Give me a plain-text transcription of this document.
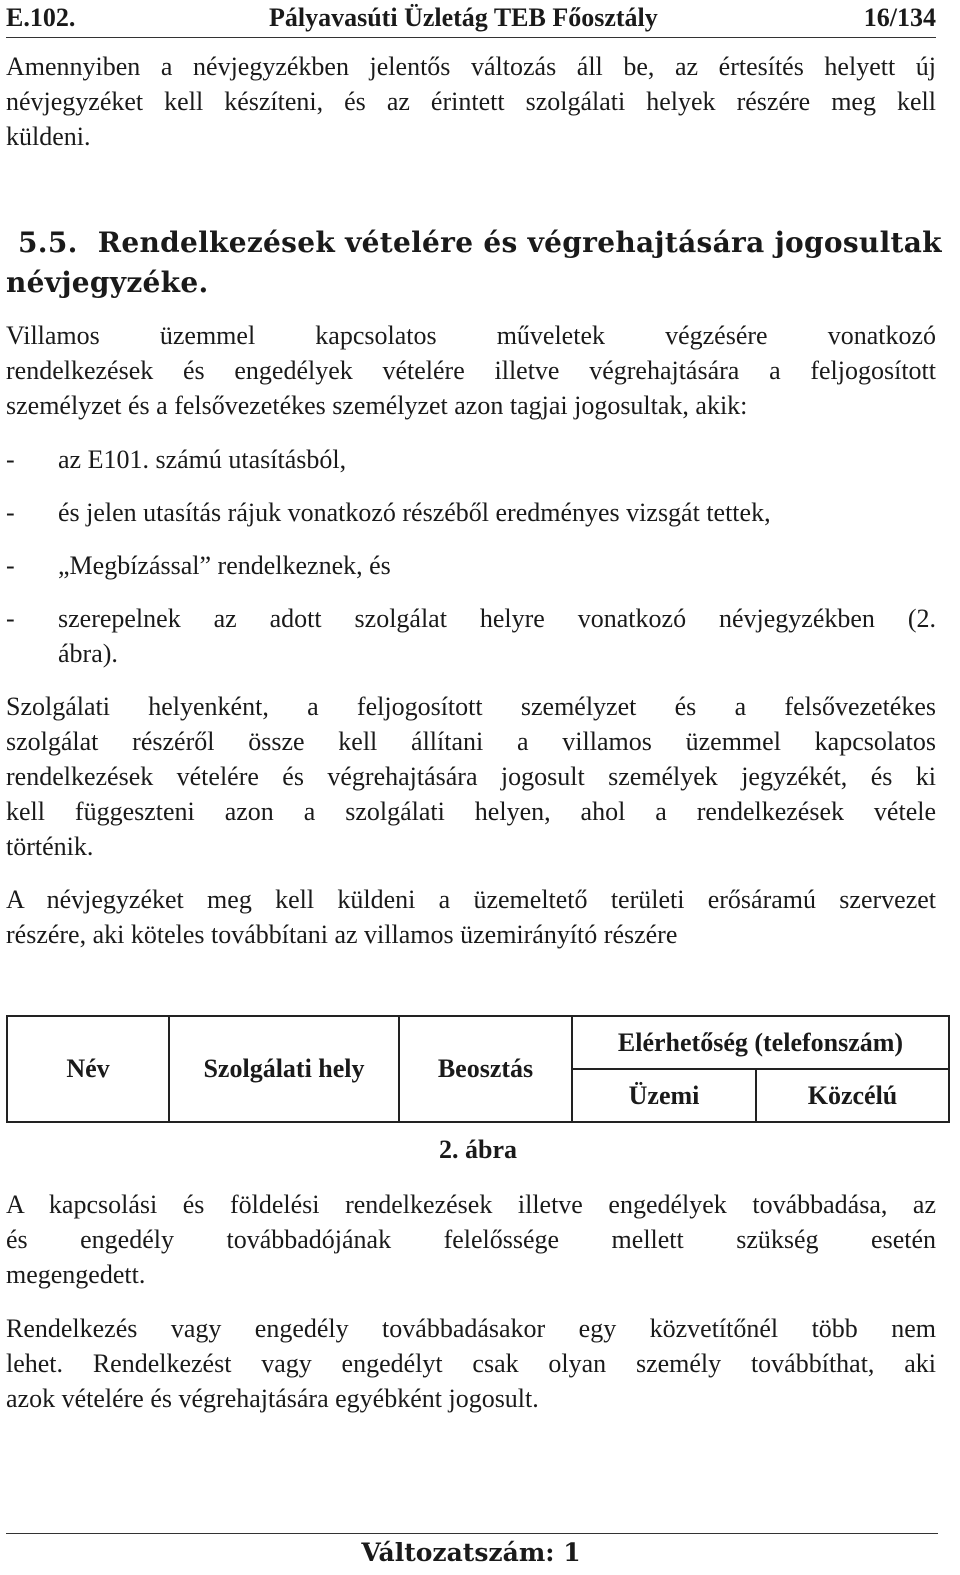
E.102.	Pályavasúti Üzletág TEB Főosztály	16/134
Amennyiben a névjegyzékben jelentős változás áll be, az értesítés helyett új
névjegyzéket kell készíteni, és az érintett szolgálati helyek részére meg kell
küldeni.
5.5.  Rendelkezések vételére és végrehajtására jogosultak
névjegyzéke.
Villamos üzemmel kapcsolatos műveletek végzésére vonatkozó
rendelkezések és engedélyek vételére illetve végrehajtására a feljogosított
személyzet és a felsővezetékes személyzet azon tagjai jogosultak, akik:
- az E101. számú utasításból,
- és jelen utasítás rájuk vonatkozó részéből eredményes vizsgát tettek,
- „Megbízással” rendelkeznek, és
- szerepelnek az adott szolgálat helyre vonatkozó névjegyzékben (2.
ábra).
Szolgálati helyenként, a feljogosított személyzet és a felsővezetékes
szolgálat részéről össze kell állítani a villamos üzemmel kapcsolatos
rendelkezések vételére és végrehajtására jogosult személyek jegyzékét, és ki
kell függeszteni azon a szolgálati helyen, ahol a rendelkezések vétele
történik.
A névjegyzéket meg kell küldeni a üzemeltető területi erősáramú szervezet
részére, aki köteles továbbítani az villamos üzemirányító részére
Név	Szolgálati hely	Beosztás	Elérhetőség (telefonszám)	
			Üzemi	Közcélú
2. ábra
A kapcsolási és földelési rendelkezések illetve engedélyek továbbadása, az
és engedély továbbadójának felelőssége mellett szükség esetén
megengedett.
Rendelkezés vagy engedély továbbadásakor egy közvetítőnél több nem
lehet. Rendelkezést vagy engedélyt csak olyan személy továbbíthat, aki
azok vételére és végrehajtására egyébként jogosult.
Változatszám: 1
